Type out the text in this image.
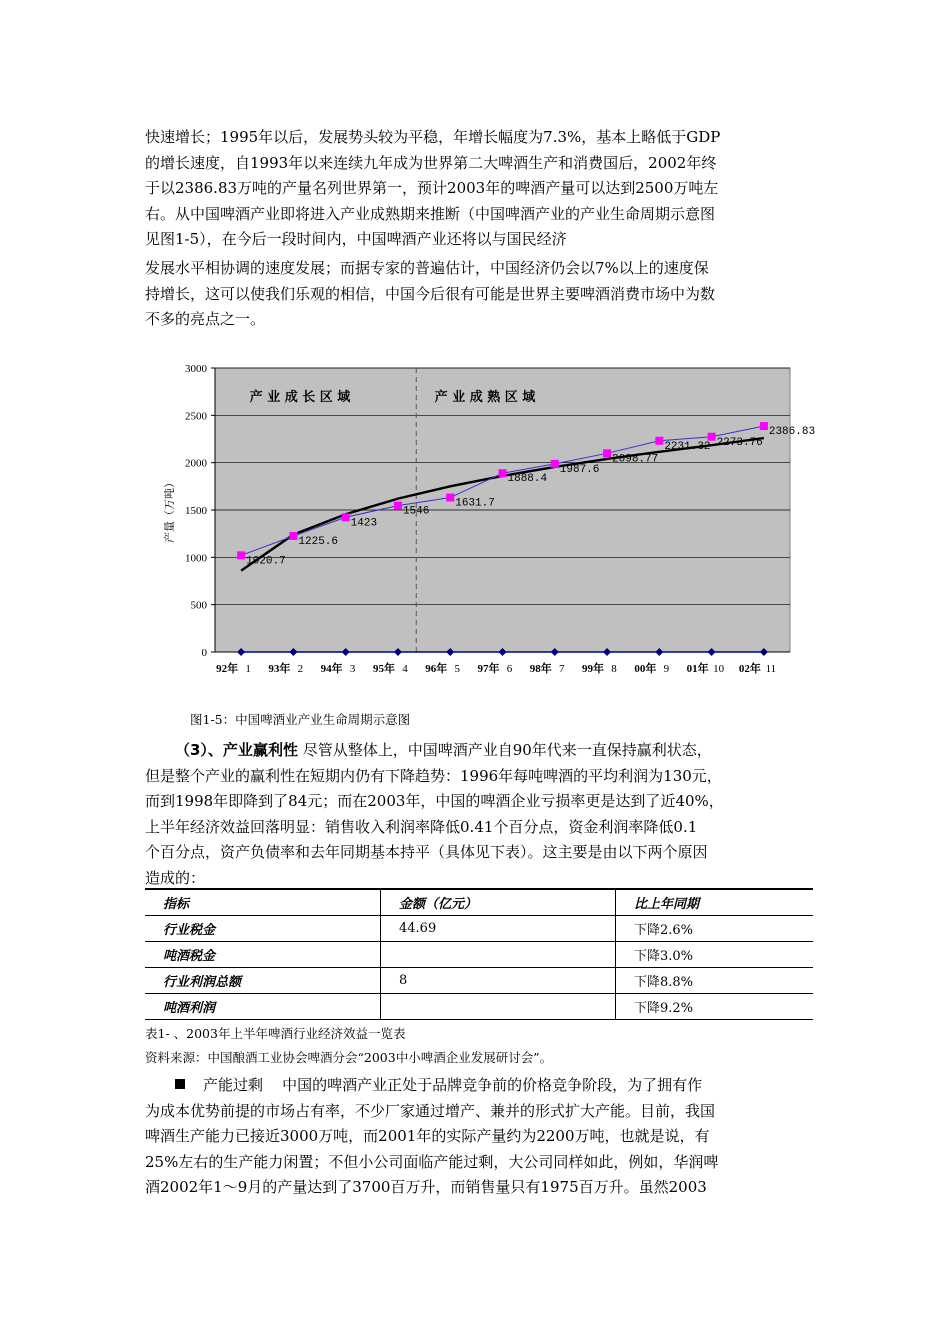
快速增长；1995年以后，发展势头较为平稳，年增长幅度为7.3%，基本上略低于GDP
的增长速度，自1993年以来连续九年成为世界第二大啤酒生产和消费国后，2002年终
于以2386.83万吨的产量名列世界第一，预计2003年的啤酒产量可以达到2500万吨左
右。从中国啤酒产业即将进入产业成熟期来推断（中国啤酒产业的产业生命周期示意图
见图1-5），在今后一段时间内，中国啤酒产业还将以与国民经济
发展水平相协调的速度发展；而据专家的普遍估计，中国经济仍会以7%以上的速度保
持增长，这可以使我们乐观的相信，中国今后很有可能是世界主要啤酒消费市场中为数
不多的亮点之一。
0
500
1000
1500
2000
2500
3000
产量（万吨）
产 业 成 长 区 域	产 业 成 熟 区 域
92年 1 93年 2 94年 3 95年 4 96年 5 97年 6 98年 7 99年 8 00年 9 01年 10 02年 11
1020.7
1225.6
1423
1546
1631.7
1888.4
1987.6
2098.77
2231.32 2273.76
2386.83
图1-5：中国啤酒业产业生命周期示意图
（3）、产业赢利性 尽管从整体上，中国啤酒产业自90年代来一直保持赢利状态，
但是整个产业的赢利性在短期内仍有下降趋势：1996年每吨啤酒的平均利润为130元，
而到1998年即降到了84元；而在2003年，中国的啤酒企业亏损率更是达到了近40%，
上半年经济效益回落明显：销售收入利润率降低0.41个百分点，资金利润率降低0.1
个百分点，资产负债率和去年同期基本持平（具体见下表）。这主要是由以下两个原因
造成的：
指标	金额（亿元）	比上年同期
行业税金	44.69	下降2.6%
吨酒税金		下降3.0%
行业利润总额	8	下降8.8%
吨酒利润		下降9.2%
表1- 、2003年上半年啤酒行业经济效益一览表
资料来源：中国酿酒工业协会啤酒分会“2003中小啤酒企业发展研讨会”。
产能过剩    中国的啤酒产业正处于品牌竞争前的价格竞争阶段，为了拥有作
为成本优势前提的市场占有率，不少厂家通过增产、兼并的形式扩大产能。目前，我国
啤酒生产能力已接近3000万吨，而2001年的实际产量约为2200万吨，也就是说，有
25%左右的生产能力闲置；不但小公司面临产能过剩，大公司同样如此，例如，华润啤
酒2002年1～9月的产量达到了3700百万升，而销售量只有1975百万升。虽然2003
